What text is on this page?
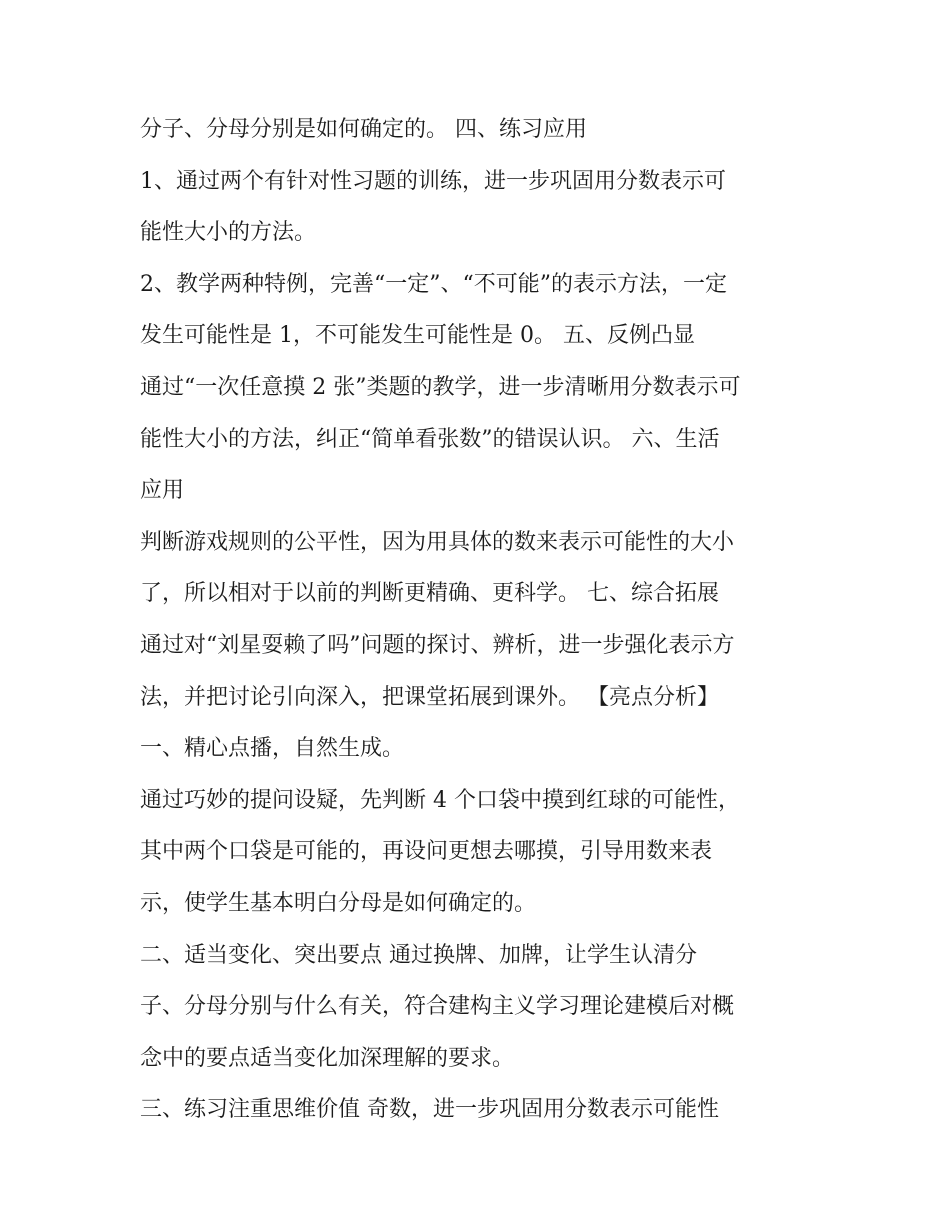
分子、分母分别是如何确定的。 四、练习应用
1、通过两个有针对性习题的训练，进一步巩固用分数表示可
能性大小的方法。
2、教学两种特例，完善“一定”、“不可能”的表示方法，一定
发生可能性是 1，不可能发生可能性是 0。 五、反例凸显
通过“一次任意摸 2 张”类题的教学，进一步清晰用分数表示可
能性大小的方法，纠正“简单看张数”的错误认识。 六、生活
应用
判断游戏规则的公平性，因为用具体的数来表示可能性的大小
了，所以相对于以前的判断更精确、更科学。 七、综合拓展
通过对“刘星耍赖了吗”问题的探讨、辨析，进一步强化表示方
法，并把讨论引向深入，把课堂拓展到课外。 【亮点分析】
一、精心点播，自然生成。
通过巧妙的提问设疑，先判断 4 个口袋中摸到红球的可能性，
其中两个口袋是可能的，再设问更想去哪摸，引导用数来表
示，使学生基本明白分母是如何确定的。
二、适当变化、突出要点 通过换牌、加牌，让学生认清分
子、分母分别与什么有关，符合建构主义学习理论建模后对概
念中的要点适当变化加深理解的要求。
三、练习注重思维价值 奇数，进一步巩固用分数表示可能性
